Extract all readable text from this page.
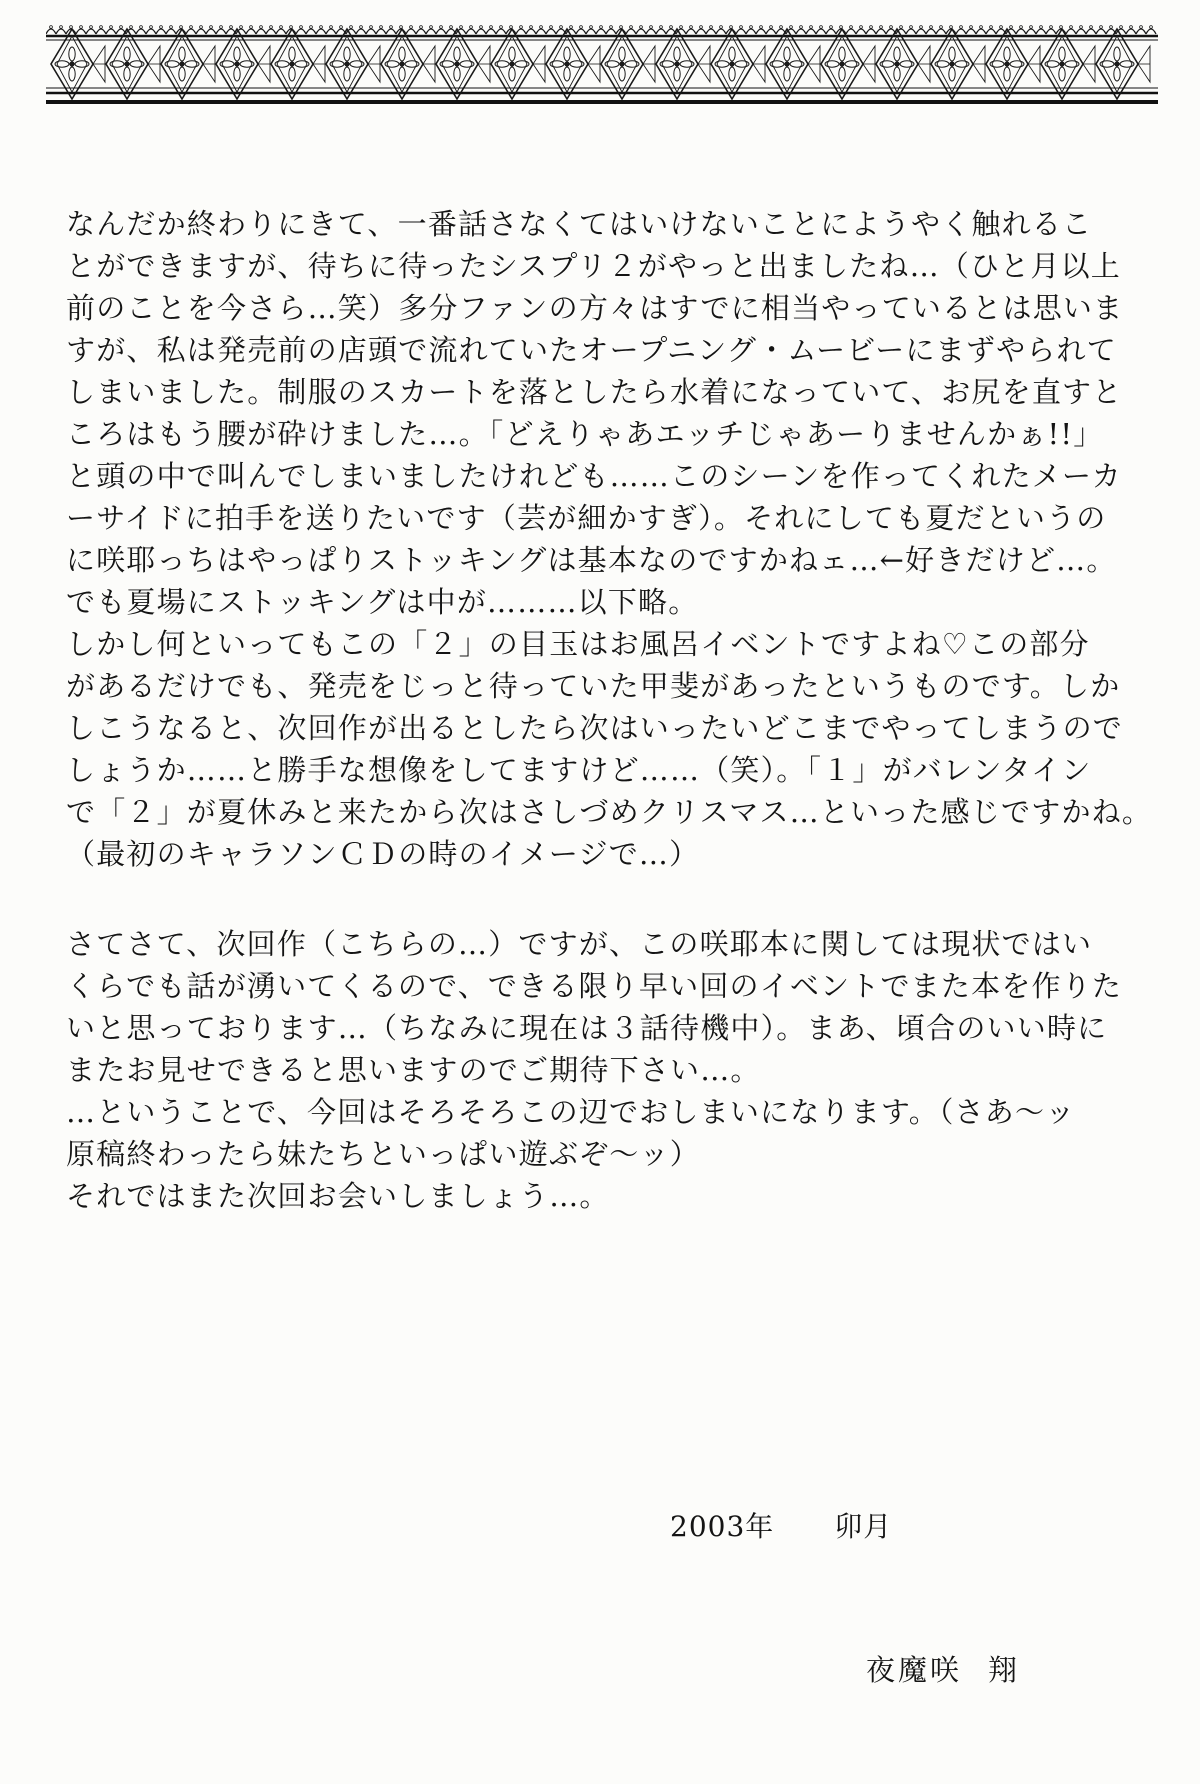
なんだか終わりにきて、一番話さなくてはいけないことにようやく触れるこ
とができますが、待ちに待ったシスプリ２がやっと出ましたね…（ひと月以上
前のことを今さら…笑）多分ファンの方々はすでに相当やっているとは思いま
すが、私は発売前の店頭で流れていたオープニング・ムービーにまずやられて
しまいました。制服のスカートを落としたら水着になっていて、お尻を直すと
ころはもう腰が砕けました…。「どえりゃあエッチじゃあーりませんかぁ!!」
と頭の中で叫んでしまいましたけれども……このシーンを作ってくれたメーカ
ーサイドに拍手を送りたいです（芸が細かすぎ）。それにしても夏だというの
に咲耶っちはやっぱりストッキングは基本なのですかねェ…←好きだけど…。
でも夏場にストッキングは中が………以下略。
しかし何といってもこの「２」の目玉はお風呂イベントですよね♡この部分
があるだけでも、発売をじっと待っていた甲斐があったというものです。しか
しこうなると、次回作が出るとしたら次はいったいどこまでやってしまうので
しょうか……と勝手な想像をしてますけど……（笑）。「１」がバレンタイン
で「２」が夏休みと来たから次はさしづめクリスマス…といった感じですかね。
（最初のキャラソンＣＤの時のイメージで…）
さてさて、次回作（こちらの…）ですが、この咲耶本に関しては現状ではい
くらでも話が湧いてくるので、できる限り早い回のイベントでまた本を作りた
いと思っております…（ちなみに現在は３話待機中）。まあ、頃合のいい時に
またお見せできると思いますのでご期待下さい…。
…ということで、今回はそろそろこの辺でおしまいになります。（さあ〜ッ
原稿終わったら妹たちといっぱい遊ぶぞ〜ッ）
それではまた次回お会いしましょう…。
2003年 卯月
夜魔咲 翔
